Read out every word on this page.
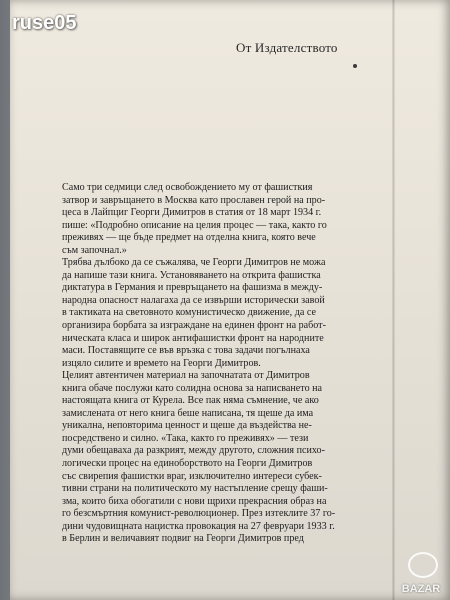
ruse05
От Издателството
Само три седмици след освобождението му от фашисткия
затвор и завръщането в Москва като прославен герой на про-
цеса в Лайпциг Георги Димитров в статия от 18 март 1934 г.
пише: «Подробно описание на целия процес — така, както го
преживях — ще бъде предмет на отделна книга, която вече
съм започнал.»
Трябва дълбоко да се съжалява, че Георги Димитров не можа
да напише тази книга. Установяването на открита фашистка
диктатура в Германия и превръщането на фашизма в между-
народна опасност налагаха да се извърши исторически завой
в тактиката на световното комунистическо движение, да се
организира борбата за изграждане на единен фронт на работ-
ническата класа и широк антифашистки фронт на народните
маси. Поставящите се във връзка с това задачи погълнаха
изцяло силите и времето на Георги Димитров.
Целият автентичен материал на започнатата от Димитров
книга обаче послужи като солидна основа за написването на
настоящата книга от Курела. Все пак няма съмнение, че ако
замислената от него книга беше написана, тя щеше да има
уникална, неповторима ценност и щеше да въздейства не-
посредствено и силно. «Така, както го преживях» — тези
думи обещаваха да разкрият, между другото, сложния психо-
логически процес на единоборството на Георги Димитров
със свирепия фашистки враг, изключително интереси субек-
тивни страни на политическото му настъпление срещу фаши-
зма, които биха обогатили с нови щрихи прекрасния образ на
го безсмъртния комунист-революционер. През изтеклите 37 го-
дини чудовищната нацистка провокация на 27 февруари 1933 г.
в Берлин и величавият подвиг на Георги Димитров пред
BAZAR
